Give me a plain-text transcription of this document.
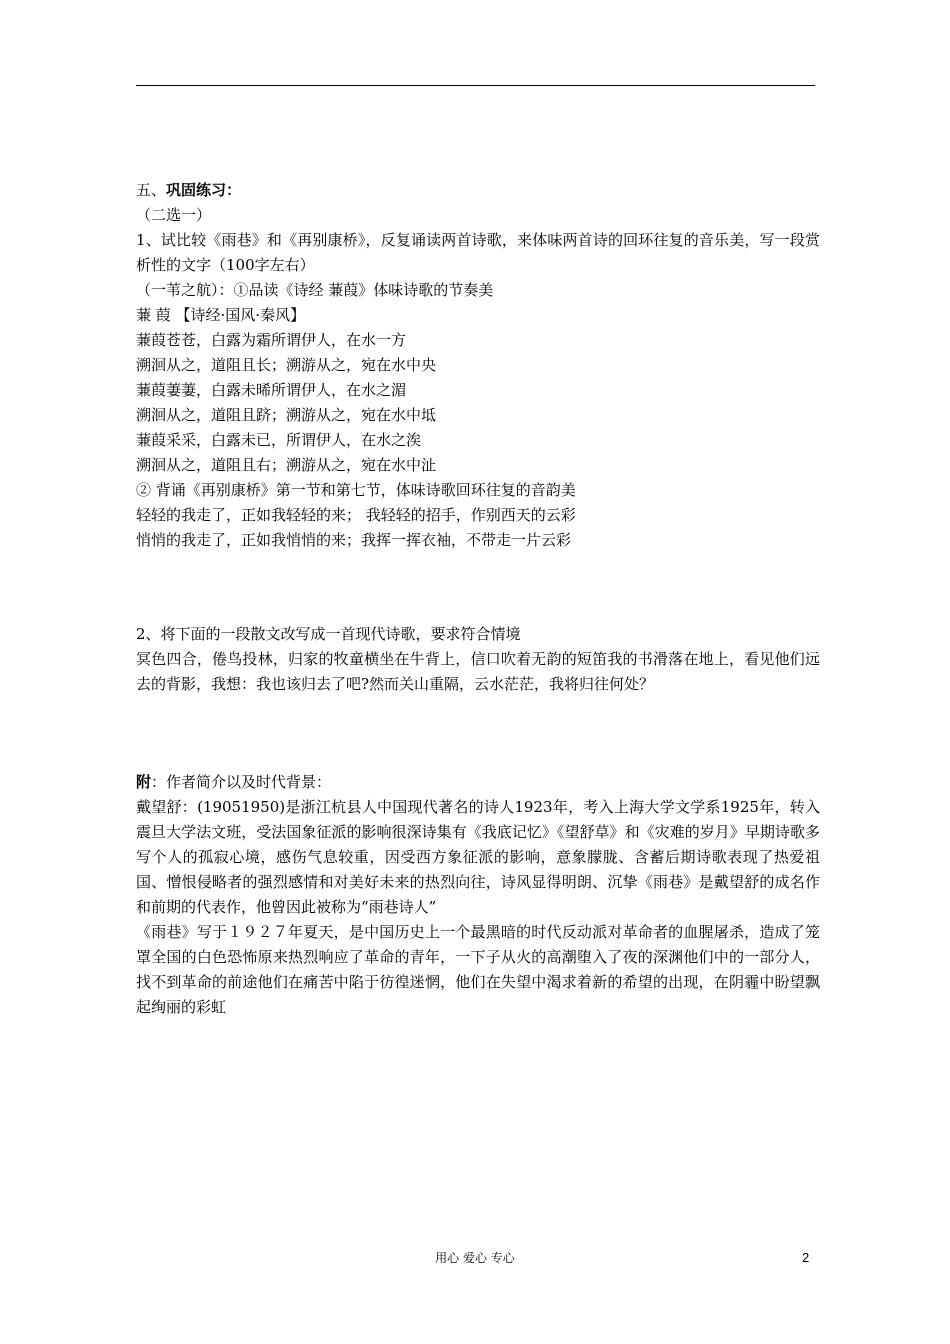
五、巩固练习：
（二选一）
1、试比较《雨巷》和《再别康桥》，反复诵读两首诗歌，来体味两首诗的回环往复的音乐美，写一段赏析性的文字（100字左右）
（一苇之航）：①品读《诗经 蒹葭》体味诗歌的节奏美
蒹 葭 【诗经·国风·秦风】
蒹葭苍苍，白露为霜所谓伊人，在水一方
溯洄从之，道阻且长；溯游从之，宛在水中央
蒹葭萋萋，白露未晞所谓伊人，在水之湄
溯洄从之，道阻且跻；溯游从之，宛在水中坻
蒹葭采采，白露未已，所谓伊人，在水之涘
溯洄从之，道阻且右；溯游从之，宛在水中沚
② 背诵《再别康桥》第一节和第七节，体味诗歌回环往复的音韵美
轻轻的我走了，正如我轻轻的来； 我轻轻的招手，作别西天的云彩
悄悄的我走了，正如我悄悄的来；我挥一挥衣袖，不带走一片云彩
2、将下面的一段散文改写成一首现代诗歌，要求符合情境
冥色四合，倦鸟投林，归家的牧童横坐在牛背上，信口吹着无韵的短笛我的书滑落在地上，看见他们远去的背影，我想：我也该归去了吧?然而关山重隔，云水茫茫，我将归往何处？
附：作者简介以及时代背景：
戴望舒：(19051950)是浙江杭县人中国现代著名的诗人1923年，考入上海大学文学系1925年，转入震旦大学法文班，受法国象征派的影响很深诗集有《我底记忆》《望舒草》和《灾难的岁月》早期诗歌多写个人的孤寂心境，感伤气息较重，因受西方象征派的影响，意象朦胧、含蓄后期诗歌表现了热爱祖国、憎恨侵略者的强烈感情和对美好未来的热烈向往，诗风显得明朗、沉挚《雨巷》是戴望舒的成名作和前期的代表作，他曾因此被称为“雨巷诗人”
《雨巷》写于１９２７年夏天，是中国历史上一个最黑暗的时代反动派对革命者的血腥屠杀，造成了笼罩全国的白色恐怖原来热烈响应了革命的青年，一下子从火的高潮堕入了夜的深渊他们中的一部分人，找不到革命的前途他们在痛苦中陷于彷徨迷惘，他们在失望中渴求着新的希望的出现，在阴霾中盼望飘起绚丽的彩虹
用心 爱心 专心	2
